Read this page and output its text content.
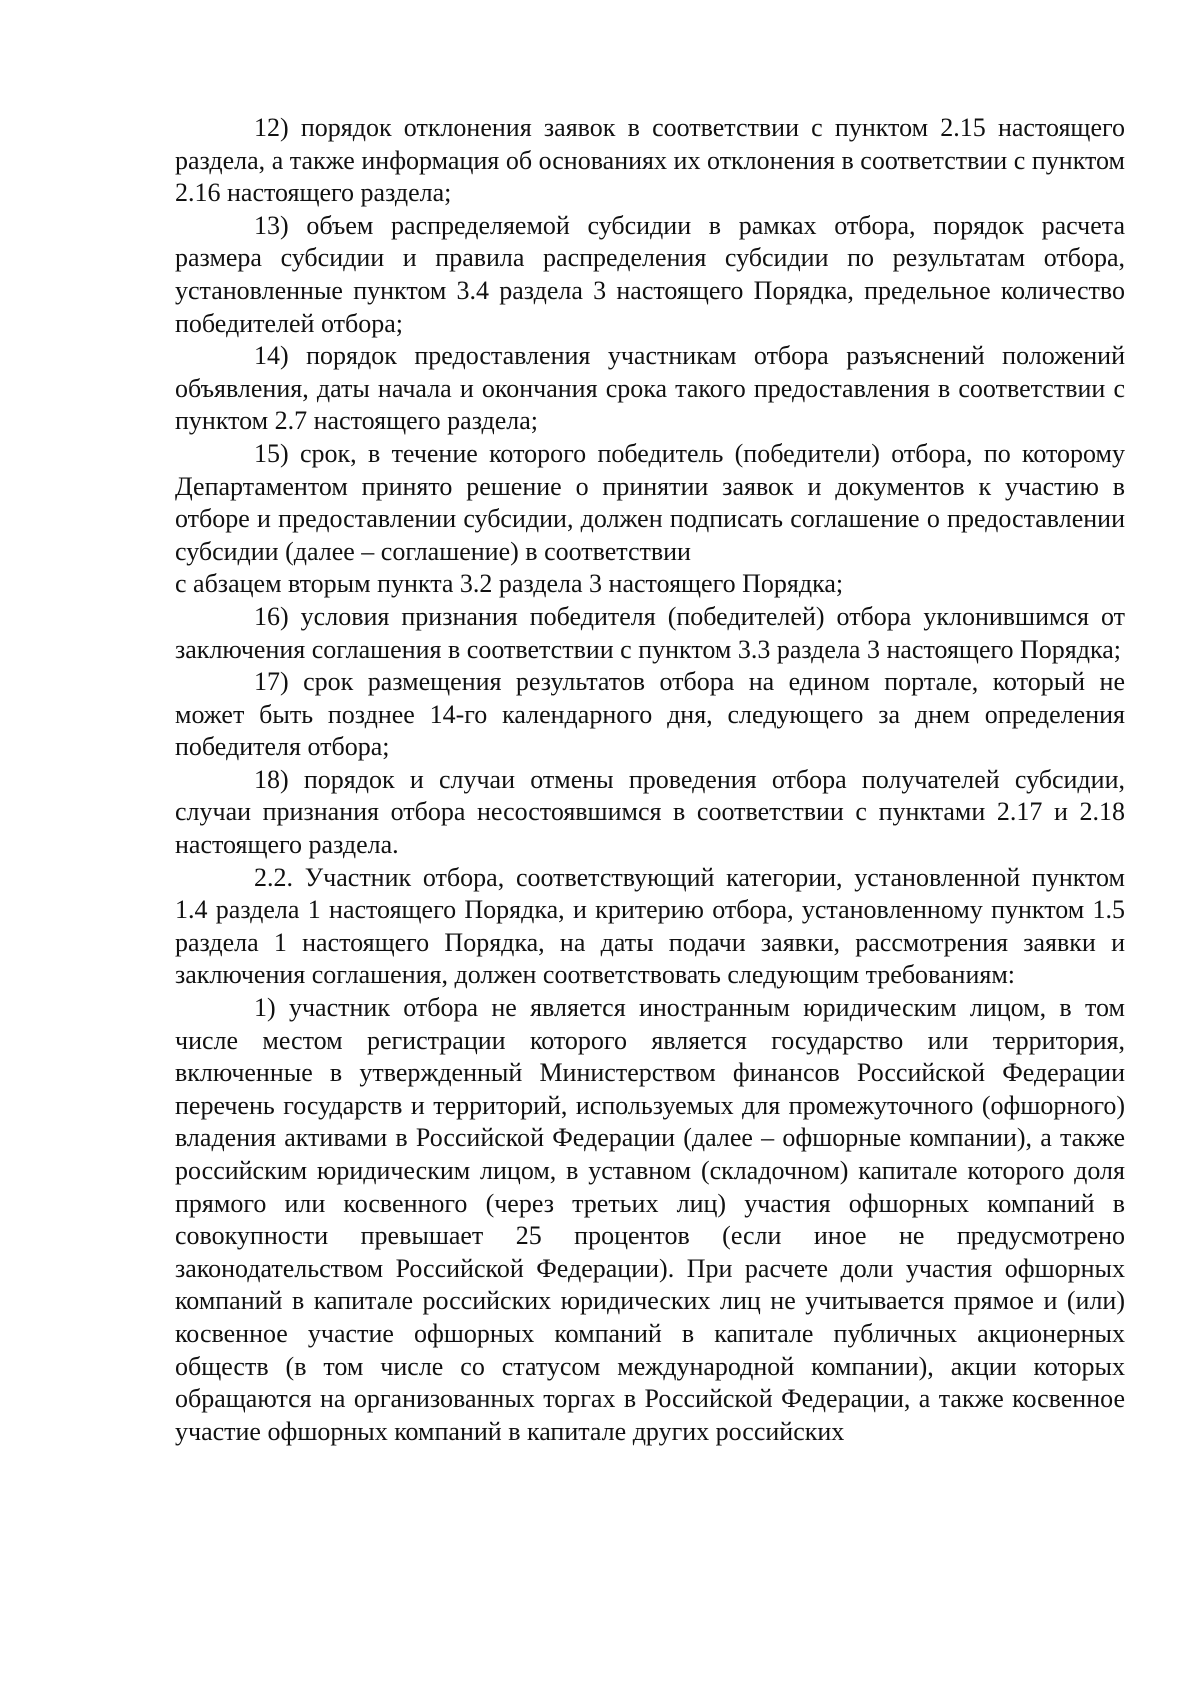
12) порядок отклонения заявок в соответствии с пунктом 2.15 настоящего раздела, а также информация об основаниях их отклонения в соответствии с пунктом 2.16 настоящего раздела;

13) объем распределяемой субсидии в рамках отбора, порядок расчета размера субсидии и правила распределения субсидии по результатам отбора, установленные пунктом 3.4 раздела 3 настоящего Порядка, предельное количество победителей отбора;

14) порядок предоставления участникам отбора разъяснений положений объявления, даты начала и окончания срока такого предоставления в соответствии с пунктом 2.7 настоящего раздела;

15) срок, в течение которого победитель (победители) отбора, по которому Департаментом принято решение о принятии заявок и документов к участию в отборе и предоставлении субсидии, должен подписать соглашение о предоставлении субсидии (далее – соглашение) в соответствии

с абзацем вторым пункта 3.2 раздела 3 настоящего Порядка;

16) условия признания победителя (победителей) отбора уклонившимся от заключения соглашения в соответствии с пунктом 3.3 раздела 3 настоящего Порядка;

17) срок размещения результатов отбора на едином портале, который не может быть позднее 14-го календарного дня, следующего за днем определения победителя отбора;

18) порядок и случаи отмены проведения отбора получателей субсидии, случаи признания отбора несостоявшимся в соответствии с пунктами 2.17 и 2.18 настоящего раздела.

2.2. Участник отбора, соответствующий категории, установленной пунктом 1.4 раздела 1 настоящего Порядка, и критерию отбора, установленному пунктом 1.5 раздела 1 настоящего Порядка, на даты подачи заявки, рассмотрения заявки и заключения соглашения, должен соответствовать следующим требованиям:

1) участник отбора не является иностранным юридическим лицом, в том числе местом регистрации которого является государство или территория, включенные в утвержденный Министерством финансов Российской Федерации перечень государств и территорий, используемых для промежуточного (офшорного) владения активами в Российской Федерации (далее – офшорные компании), а также российским юридическим лицом, в уставном (складочном) капитале которого доля прямого или косвенного (через третьих лиц) участия офшорных компаний в совокупности превышает 25 процентов (если иное не предусмотрено законодательством Российской Федерации). При расчете доли участия офшорных компаний в капитале российских юридических лиц не учитывается прямое и (или) косвенное участие офшорных компаний в капитале публичных акционерных обществ (в том числе со статусом международной компании), акции которых обращаются на организованных торгах в Российской Федерации, а также косвенное участие офшорных компаний в капитале других российских
